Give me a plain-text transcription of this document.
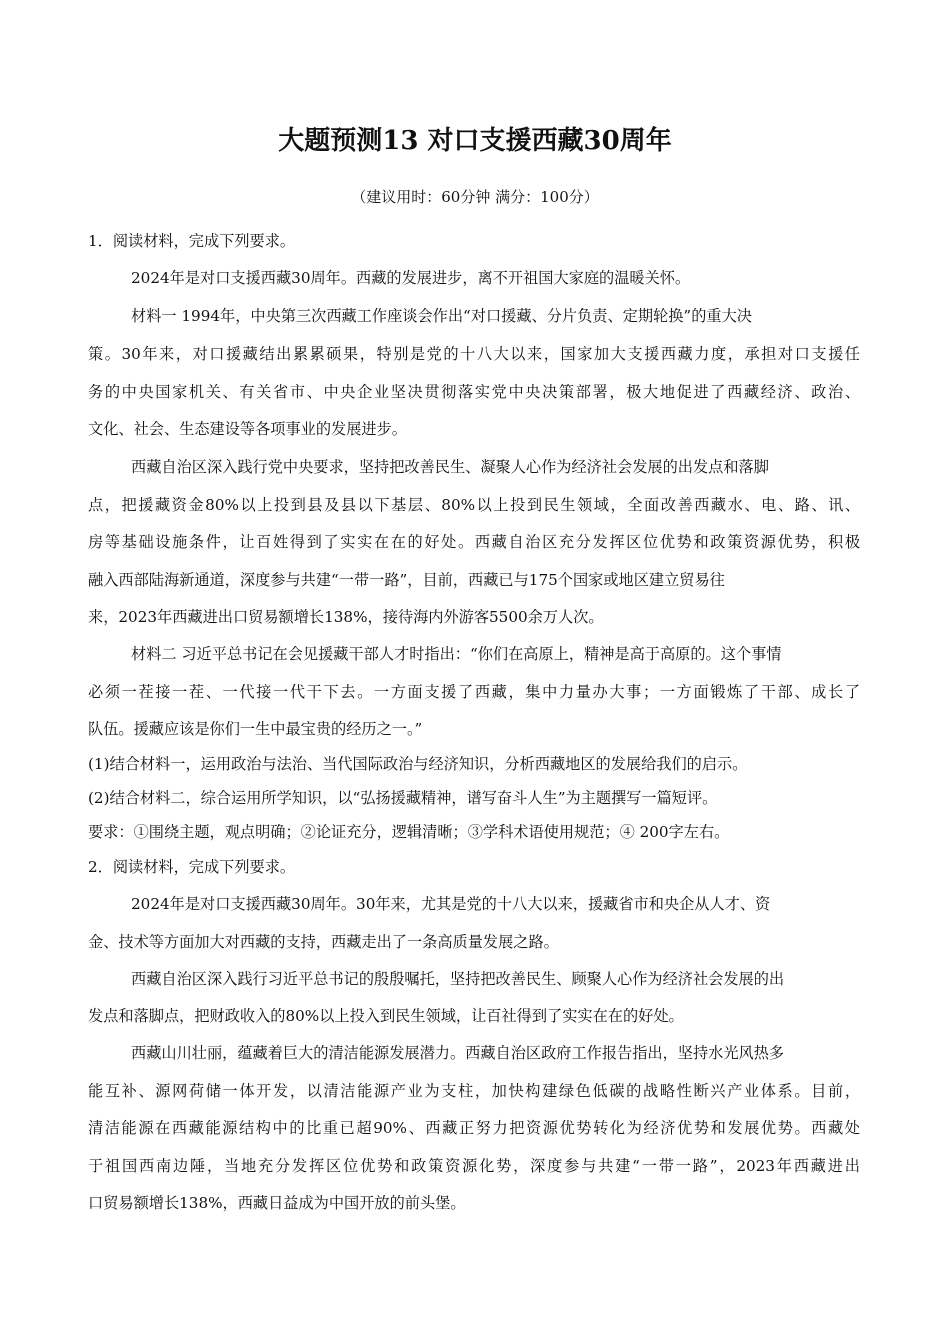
大题预测13 对口支援西藏30周年
（建议用时：60分钟 满分：100分）
1．阅读材料，完成下列要求。
2024年是对口支援西藏30周年。西藏的发展进步，离不开祖国大家庭的温暖关怀。
材料一 1994年，中央第三次西藏工作座谈会作出“对口援藏、分片负责、定期轮换”的重大决
策。30年来，对口援藏结出累累硕果，特别是党的十八大以来，国家加大支援西藏力度，承担对口支援任
务的中央国家机关、有关省市、中央企业坚决贯彻落实党中央决策部署，极大地促进了西藏经济、政治、
文化、社会、生态建设等各项事业的发展进步。
西藏自治区深入践行党中央要求，坚持把改善民生、凝聚人心作为经济社会发展的出发点和落脚
点，把援藏资金80%以上投到县及县以下基层、80%以上投到民生领域，全面改善西藏水、电、路、讯、
房等基础设施条件，让百姓得到了实实在在的好处。西藏自治区充分发挥区位优势和政策资源优势，积极
融入西部陆海新通道，深度参与共建“一带一路”，目前，西藏已与175个国家或地区建立贸易往
来，2023年西藏进出口贸易额增长138%，接待海内外游客5500余万人次。
材料二 习近平总书记在会见援藏干部人才时指出：“你们在高原上，精神是高于高原的。这个事情
必须一茬接一茬、一代接一代干下去。一方面支援了西藏，集中力量办大事；一方面锻炼了干部、成长了
队伍。援藏应该是你们一生中最宝贵的经历之一。”
(1)结合材料一，运用政治与法治、当代国际政治与经济知识，分析西藏地区的发展给我们的启示。
(2)结合材料二，综合运用所学知识，以“弘扬援藏精神，谱写奋斗人生”为主题撰写一篇短评。
要求：①围绕主题，观点明确；②论证充分，逻辑清晰；③学科术语使用规范；④ 200字左右。
2．阅读材料，完成下列要求。
2024年是对口支援西藏30周年。30年来，尤其是党的十八大以来，援藏省市和央企从人才、资
金、技术等方面加大对西藏的支持，西藏走出了一条高质量发展之路。
西藏自治区深入践行习近平总书记的殷殷嘱托，坚持把改善民生、顾聚人心作为经济社会发展的出
发点和落脚点，把财政收入的80%以上投入到民生领域，让百社得到了实实在在的好处。
西藏山川壮丽，蕴藏着巨大的清洁能源发展潜力。西藏自治区政府工作报告指出，坚持水光风热多
能互补、源网荷储一体开发，以清洁能源产业为支柱，加快构建绿色低碳的战略性断兴产业体系。目前，
清洁能源在西藏能源结构中的比重已超90%、西藏正努力把资源优势转化为经济优势和发展优势。西藏处
于祖国西南边陲，当地充分发挥区位优势和政策资源化势，深度参与共建“一带一路”，2023年西藏进出
口贸易额增长138%，西藏日益成为中国开放的前头堡。
